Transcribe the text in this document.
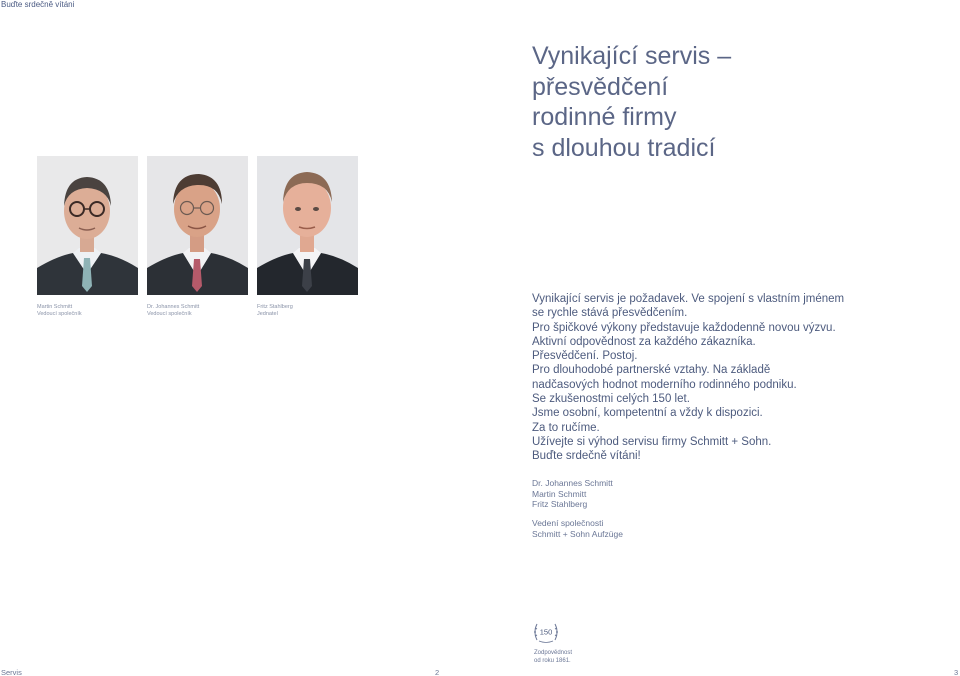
Buďte srdečně vítáni
Martin Schmitt
Vedoucí společník
Dr. Johannes Schmitt
Vedoucí společník
Fritz Stahlberg
Jednatel
Vynikající servis –
přesvědčení
rodinné firmy
s dlouhou tradicí
Vynikající servis je požadavek. Ve spojení s vlastním jménem
se rychle stává přesvědčením.
Pro špičkové výkony představuje každodenně novou výzvu.
Aktivní odpovědnost za každého zákazníka.
Přesvědčení. Postoj.
Pro dlouhodobé partnerské vztahy. Na základě
nadčasových hodnot moderního rodinného podniku.
Se zkušenostmi celých 150 let.
Jsme osobní, kompetentní a vždy k dispozici.
Za to ručíme.
Užívejte si výhod servisu firmy Schmitt + Sohn.
Buďte srdečně vítáni!
Dr. Johannes Schmitt
Martin Schmitt
Fritz Stahlberg
Vedení společnosti
Schmitt + Sohn Aufzüge
150
Zodpovědnost
od roku 1861.
Servis	2	3
